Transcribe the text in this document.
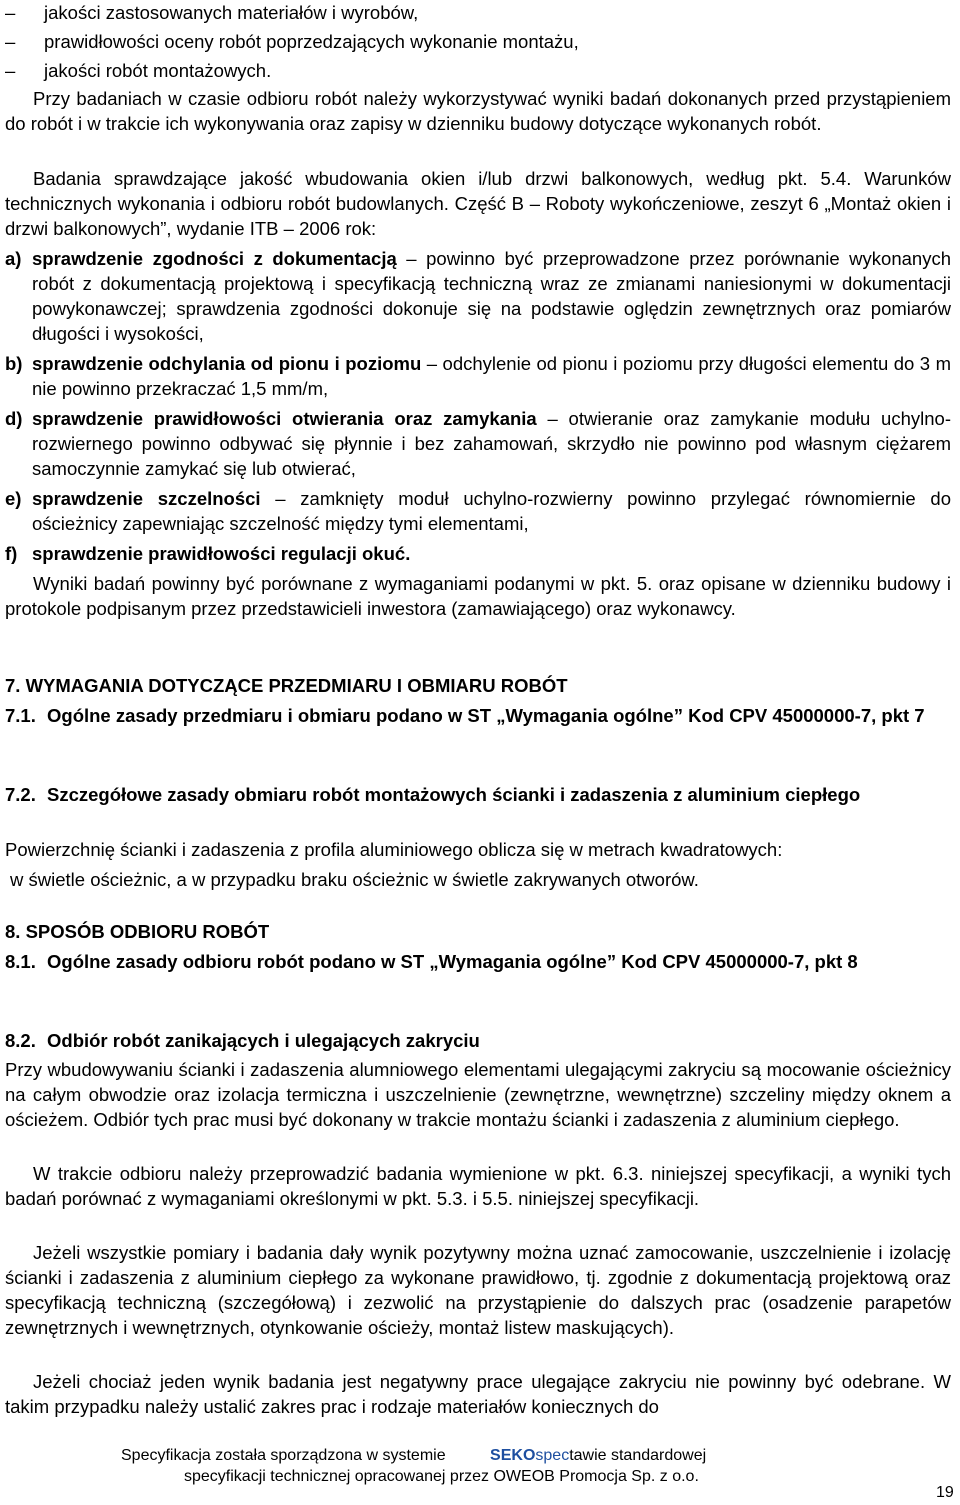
– jakości zastosowanych materiałów i wyrobów,
– prawidłowości oceny robót poprzedzających wykonanie montażu,
– jakości robót montażowych.
Przy badaniach w czasie odbioru robót należy wykorzystywać wyniki badań dokonanych przed przystąpieniem do robót i w trakcie ich wykonywania oraz zapisy w dzienniku budowy dotyczące wykonanych robót.
Badania sprawdzające jakość wbudowania okien i/lub drzwi balkonowych, według pkt. 5.4. Warunków technicznych wykonania i odbioru robót budowlanych. Część B – Roboty wykończeniowe, zeszyt 6 „Montaż okien i drzwi balkonowych”, wydanie ITB – 2006 rok:
a) sprawdzenie zgodności z dokumentacją – powinno być przeprowadzone przez porównanie wykonanych robót z dokumentacją projektową i specyfikacją techniczną wraz ze zmianami naniesionymi w dokumentacji powykonawczej; sprawdzenia zgodności dokonuje się na podstawie oględzin zewnętrznych oraz pomiarów długości i wysokości,
b) sprawdzenie odchylania od pionu i poziomu – odchylenie od pionu i poziomu przy długości elementu do 3 m nie powinno przekraczać 1,5 mm/m,
d) sprawdzenie prawidłowości otwierania oraz zamykania – otwieranie oraz zamykanie modułu uchylno-rozwiernego powinno odbywać się płynnie i bez zahamowań, skrzydło nie powinno pod własnym ciężarem samoczynnie zamykać się lub otwierać,
e) sprawdzenie szczelności – zamknięty moduł uchylno-rozwierny powinno przylegać równomiernie do ościeżnicy zapewniając szczelność między tymi elementami,
f) sprawdzenie prawidłowości regulacji okuć.
Wyniki badań powinny być porównane z wymaganiami podanymi w pkt. 5. oraz opisane w dzienniku budowy i protokole podpisanym przez przedstawicieli inwestora (zamawiającego) oraz wykonawcy.
7. WYMAGANIA DOTYCZĄCE PRZEDMIARU I OBMIARU ROBÓT
7.1. Ogólne zasady przedmiaru i obmiaru podano w ST „Wymagania ogólne” Kod CPV 45000000-7, pkt 7
7.2. Szczegółowe zasady obmiaru robót montażowych ścianki i zadaszenia z aluminium ciepłego
Powierzchnię ścianki i zadaszenia z profila aluminiowego oblicza się w metrach kwadratowych:
w świetle ościeżnic, a w przypadku braku ościeżnic w świetle zakrywanych otworów.
8. SPOSÓB ODBIORU ROBÓT
8.1. Ogólne zasady odbioru robót podano w ST „Wymagania ogólne” Kod CPV 45000000-7, pkt 8
8.2. Odbiór robót zanikających i ulegających zakryciu
Przy wbudowywaniu ścianki i zadaszenia alumniowego elementami ulegającymi zakryciu są mocowanie ościeżnicy na całym obwodzie oraz izolacja termiczna i uszczelnienie (zewnętrzne, wewnętrzne) szczeliny między oknem a ościeżem. Odbiór tych prac musi być dokonany w trakcie montażu ścianki i zadaszenia z aluminium ciepłego.
W trakcie odbioru należy przeprowadzić badania wymienione w pkt. 6.3. niniejszej specyfikacji, a wyniki tych badań porównać z wymaganiami określonymi w pkt. 5.3. i 5.5. niniejszej specyfikacji.
Jeżeli wszystkie pomiary i badania dały wynik pozytywny można uznać zamocowanie, uszczelnienie i izolację ścianki i zadaszenia z aluminium ciepłego za wykonane prawidłowo, tj. zgodnie z dokumentacją projektową oraz specyfikacją techniczną (szczegółową) i zezwolić na przystąpienie do dalszych prac (osadzenie parapetów zewnętrznych i wewnętrznych, otynkowanie ościeży, montaż listew maskujących).
Jeżeli chociaż jeden wynik badania jest negatywny prace ulegające zakryciu nie powinny być odebrane. W takim przypadku należy ustalić zakres prac i rodzaje materiałów koniecznych do
Specyfikacja została sporządzona w systemie	SEKOspectawie standardowej
specyfikacji technicznej opracowanej przez OWEOB Promocja Sp. z o.o.
19
